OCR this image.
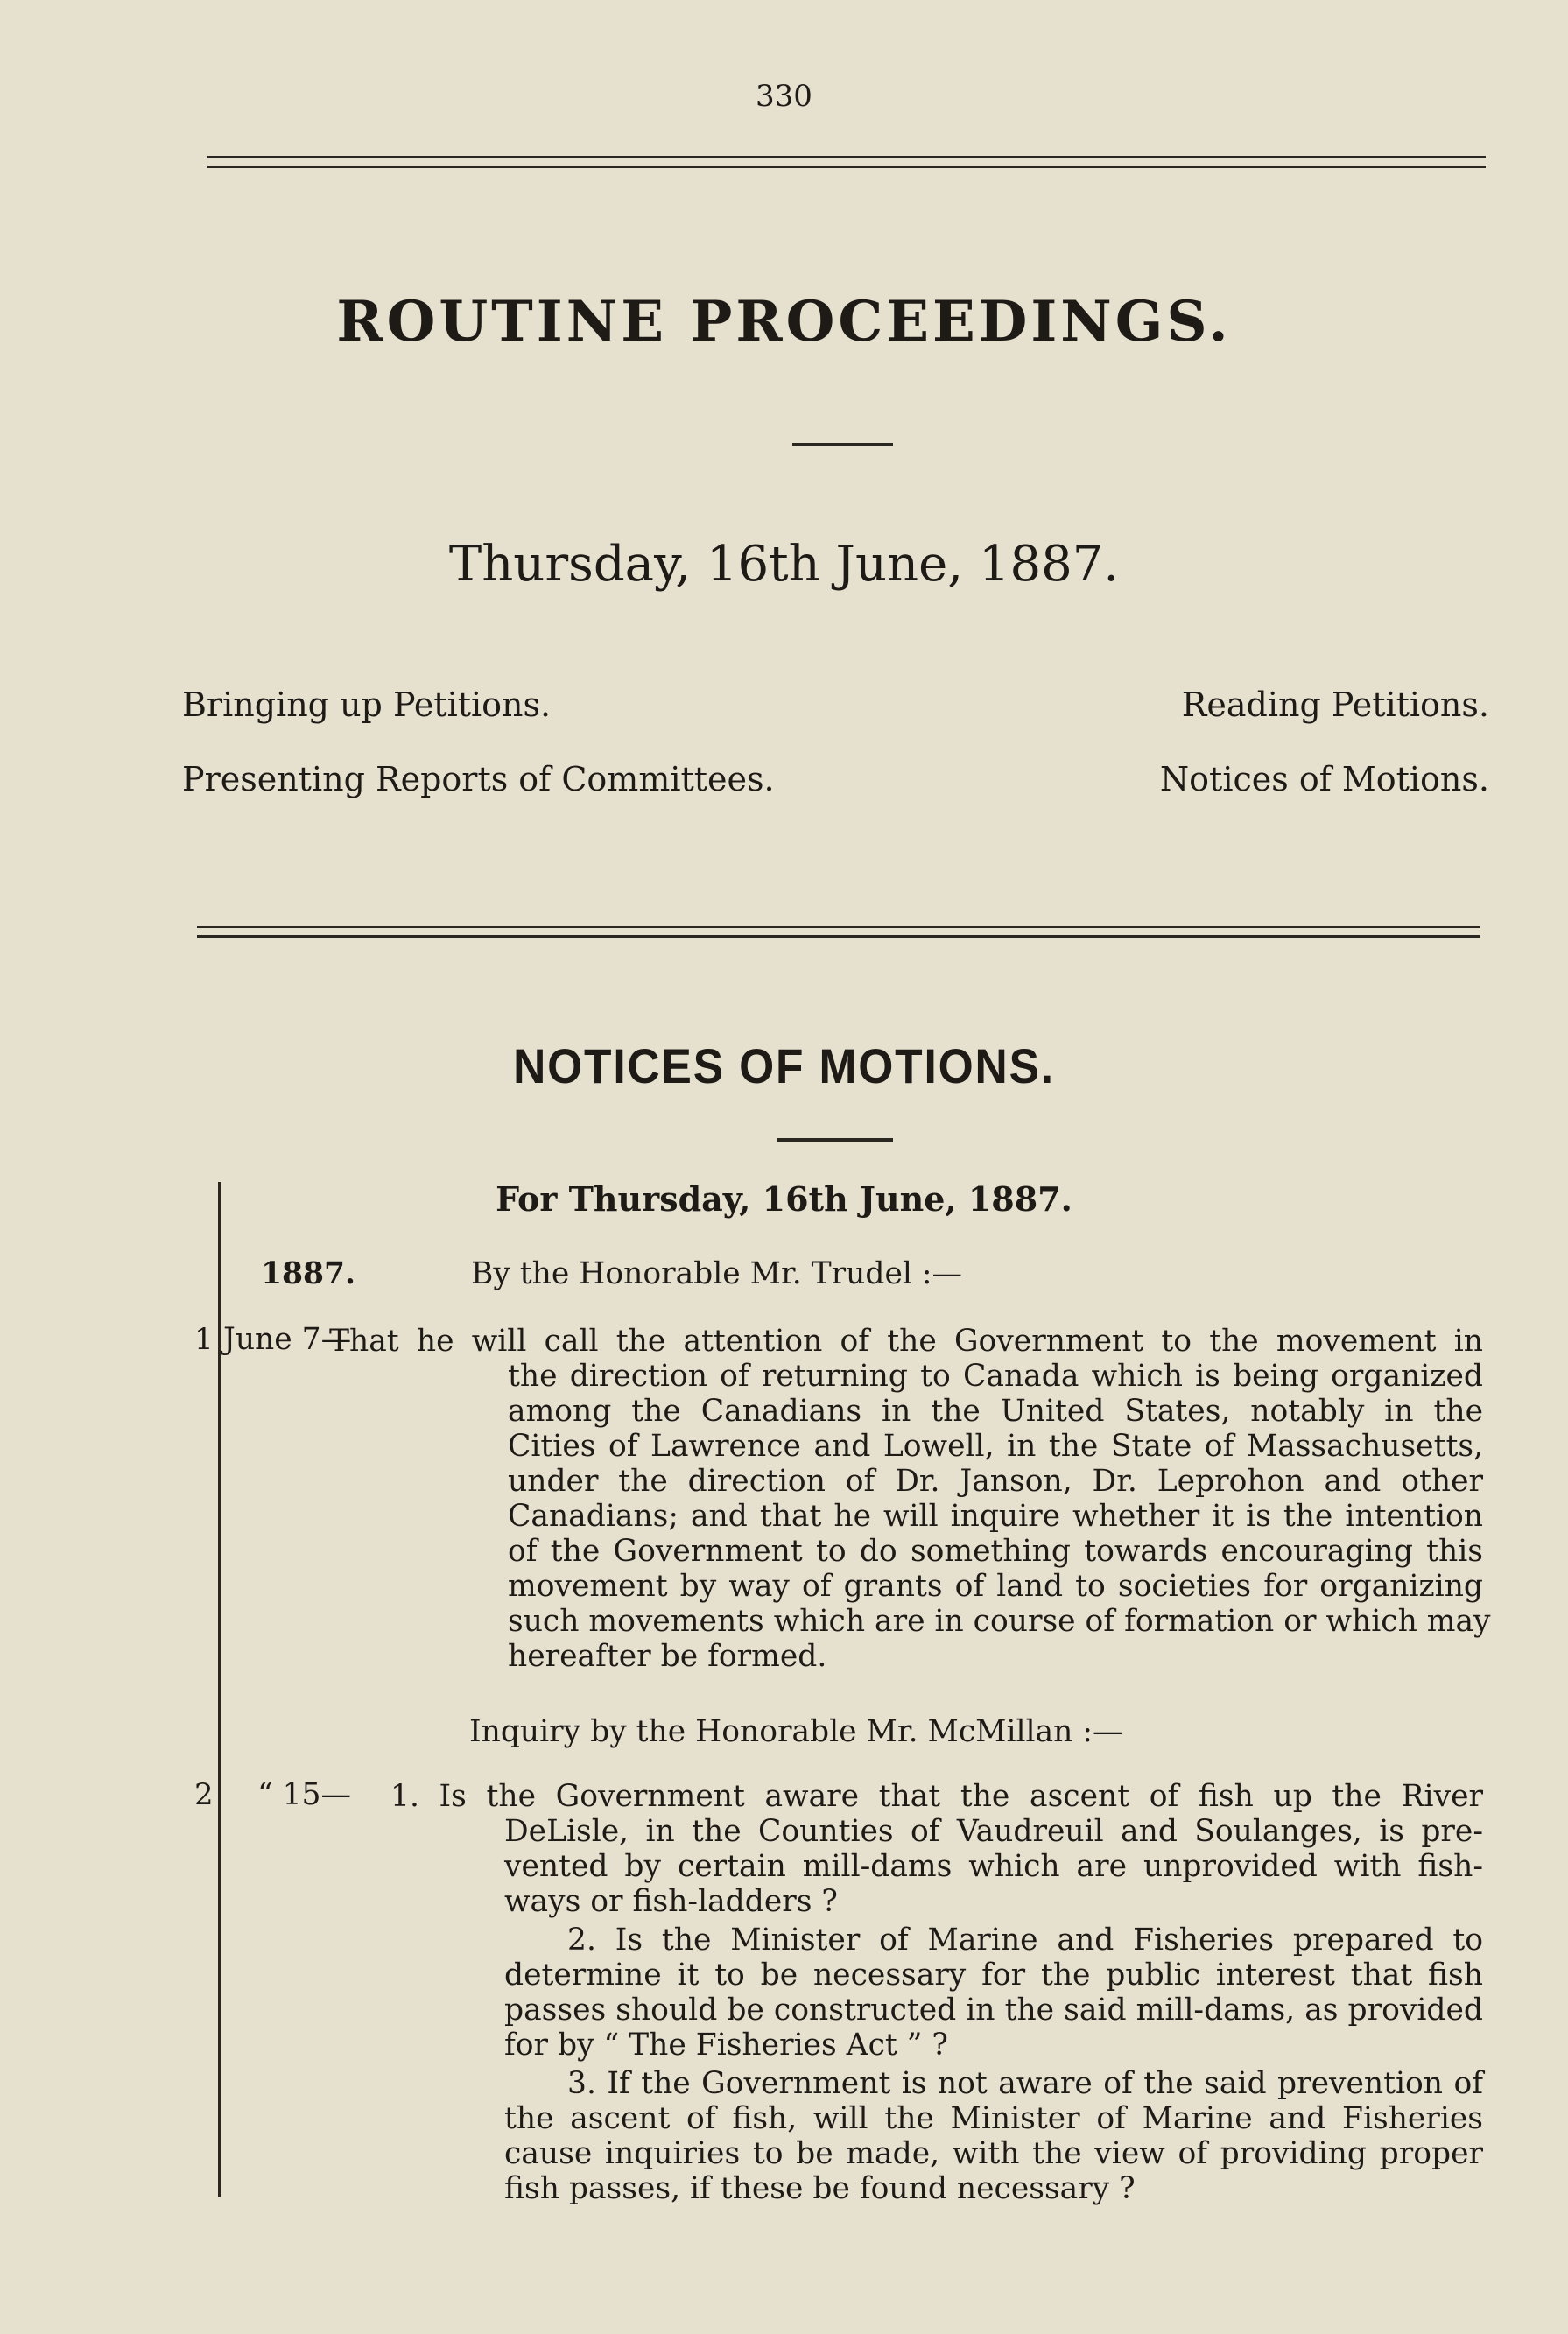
330
ROUTINE PROCEEDINGS.
Thursday, 16th June, 1887.
Bringing up Petitions.	Reading Petitions.
Presenting Reports of Committees.	Notices of Motions.
NOTICES OF MOTIONS.
For Thursday, 16th June, 1887.
1887.	By the Honorable Mr. Trudel :—
1 June 7—
That he will call the attention of the Government to the movement in
the direction of returning to Canada which is being organized
among the Canadians in the United States, notably in the
Cities of Lawrence and Lowell, in the State of Massachusetts,
under the direction of Dr. Janson, Dr. Leprohon and other
Canadians; and that he will inquire whether it is the intention
of the Government to do something towards encouraging this
movement by way of grants of land to societies for organizing
such movements which are in course of formation or which may
hereafter be formed.
Inquiry by the Honorable Mr. McMillan :—
2 “ 15— 1. Is the Government aware that the ascent of fish up the River
DeLisle, in the Counties of Vaudreuil and Soulanges, is pre-
vented by certain mill-dams which are unprovided with fish-
ways or fish-ladders ?
2. Is the Minister of Marine and Fisheries prepared to
determine it to be necessary for the public interest that fish
passes should be constructed in the said mill-dams, as provided
for by “ The Fisheries Act ” ?
3. If the Government is not aware of the said prevention of
the ascent of fish, will the Minister of Marine and Fisheries
cause inquiries to be made, with the view of providing proper
fish passes, if these be found necessary ?
